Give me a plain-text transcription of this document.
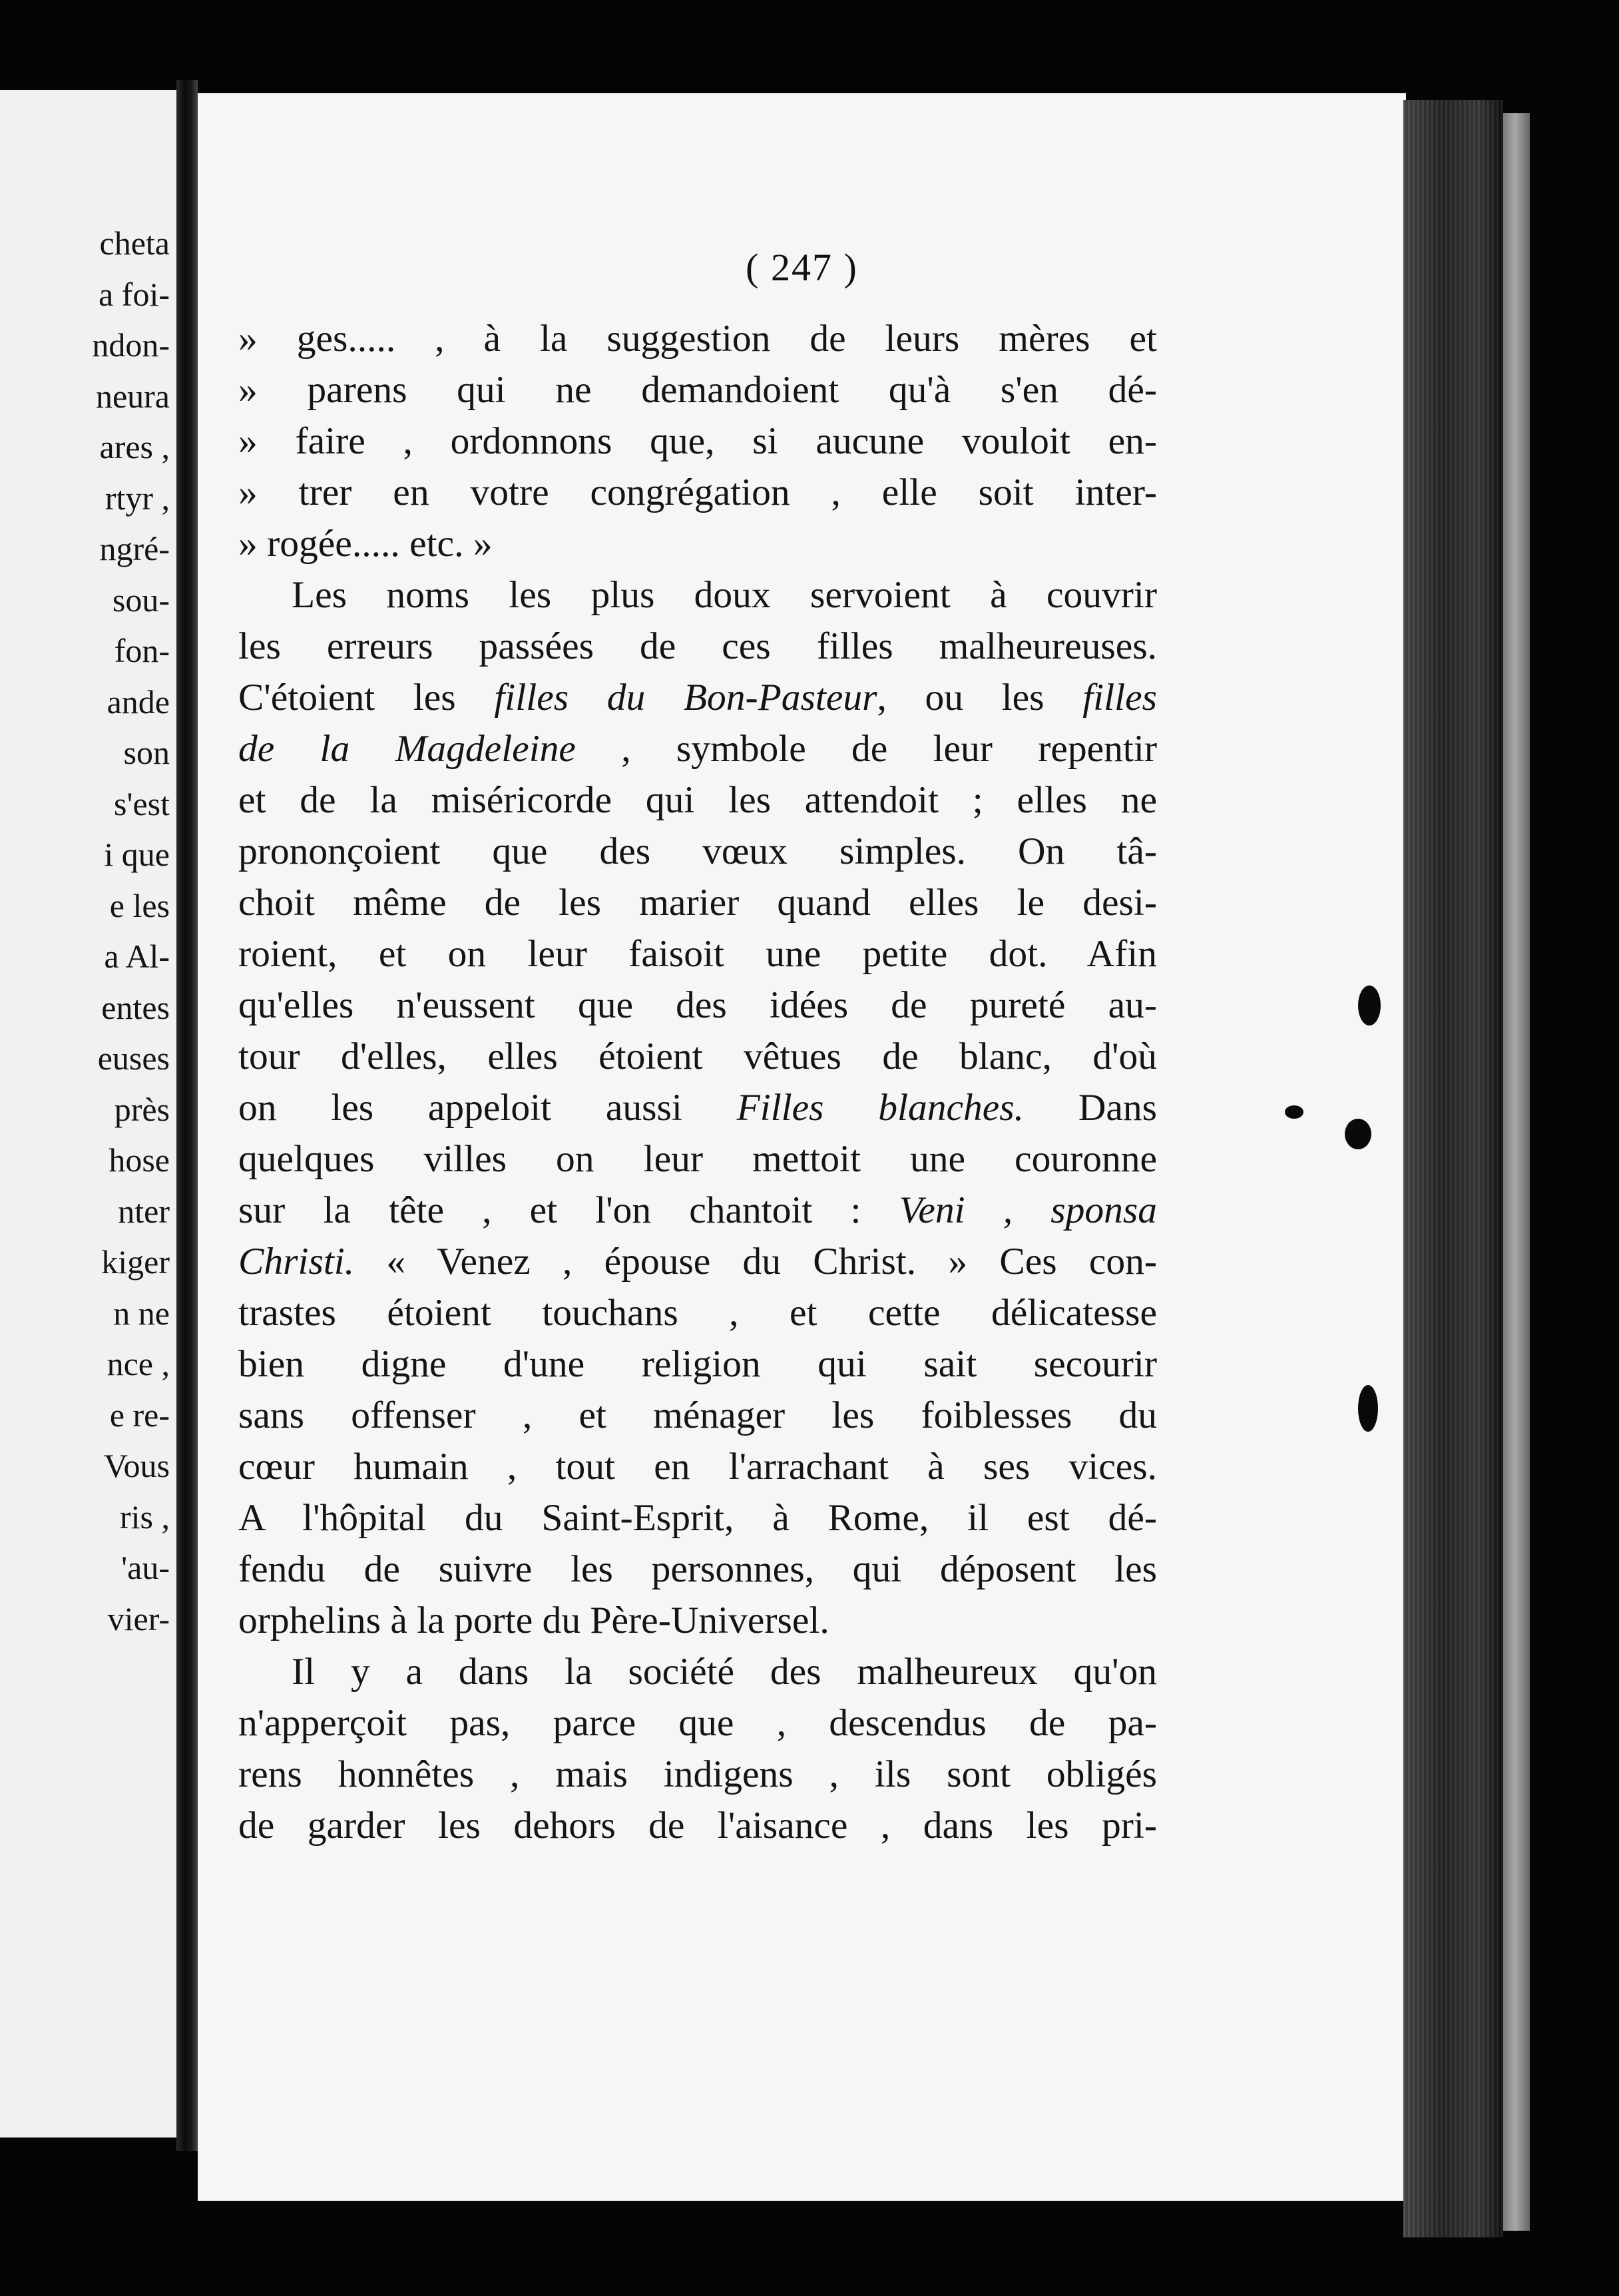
cheta

a foi-

ndon-

neura

ares ,

rtyr ,

ngré-

sou-

fon-

ande

son

s'est

i que

e les

a Al-

entes

euses

près

hose

nter

kiger

n ne

nce ,

e re-

Vous

ris ,

'au-

vier-

( 247 )

» ges..... , à la suggestion de leurs mères et
» parens qui ne demandoient qu'à s'en dé-
» faire , ordonnons que, si aucune vouloit en-
» trer en votre congrégation , elle soit inter-
» rogée..... etc. »
Les noms les plus doux servoient à couvrir
les erreurs passées de ces filles malheureuses.
C'étoient les filles du Bon-Pasteur, ou les filles
de la Magdeleine , symbole de leur repentir
et de la miséricorde qui les attendoit ; elles ne
prononçoient que des vœux simples. On tâ-
choit même de les marier quand elles le desi-
roient, et on leur faisoit une petite dot. Afin
qu'elles n'eussent que des idées de pureté au-
tour d'elles, elles étoient vêtues de blanc, d'où
on les appeloit aussi Filles blanches. Dans
quelques villes on leur mettoit une couronne
sur la tête , et l'on chantoit : Veni , sponsa
Christi. « Venez , épouse du Christ. » Ces con-
trastes étoient touchans , et cette délicatesse
bien digne d'une religion qui sait secourir
sans offenser , et ménager les foiblesses du
cœur humain , tout en l'arrachant à ses vices.
A l'hôpital du Saint-Esprit, à Rome, il est dé-
fendu de suivre les personnes, qui déposent les
orphelins à la porte du Père-Universel.
Il y a dans la société des malheureux qu'on
n'apperçoit pas, parce que , descendus de pa-
rens honnêtes , mais indigens , ils sont obligés
de garder les dehors de l'aisance , dans les pri-
